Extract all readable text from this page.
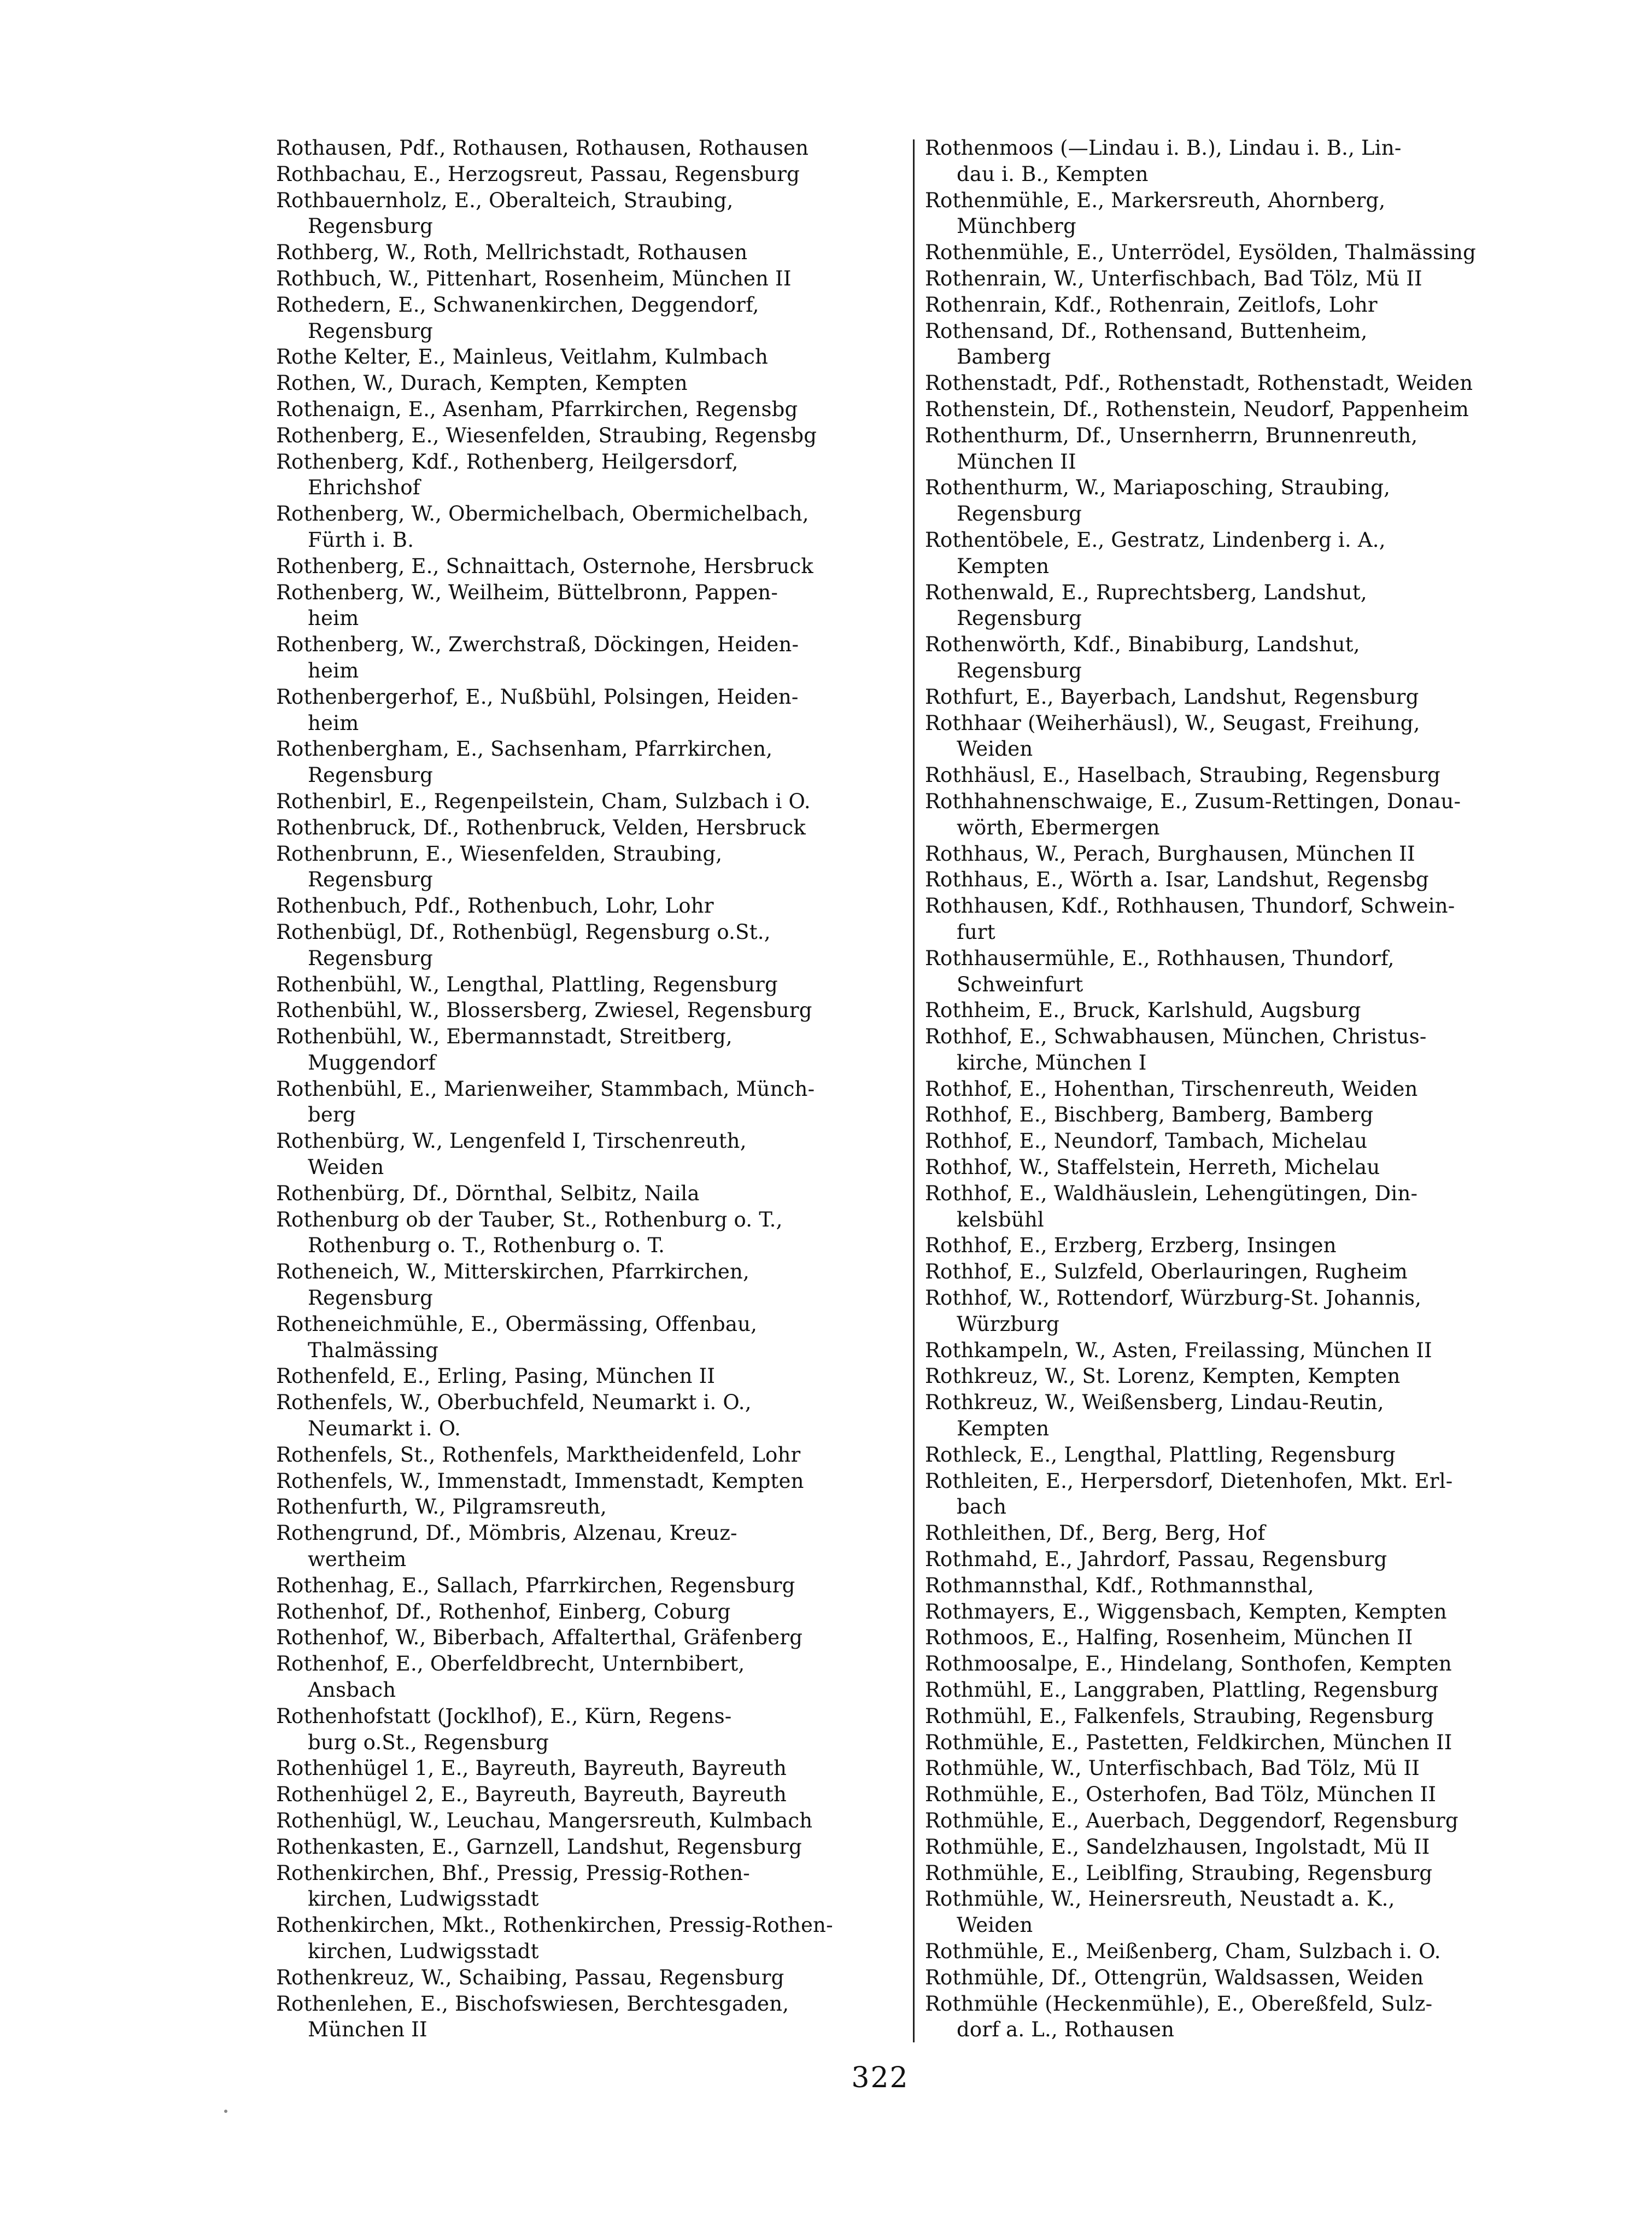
Rothausen, Pdf., Rothausen, Rothausen, Rothausen
Rothbachau, E., Herzogsreut, Passau, Regensburg
Rothbauernholz, E., Oberalteich, Straubing,
Regensburg
Rothberg, W., Roth, Mellrichstadt, Rothausen
Rothbuch, W., Pittenhart, Rosenheim, München II
Rothedern, E., Schwanenkirchen, Deggendorf,
Regensburg
Rothe Kelter, E., Mainleus, Veitlahm, Kulmbach
Rothen, W., Durach, Kempten, Kempten
Rothenaign, E., Asenham, Pfarrkirchen, Regensbg
Rothenberg, E., Wiesenfelden, Straubing, Regensbg
Rothenberg, Kdf., Rothenberg, Heilgersdorf,
Ehrichshof
Rothenberg, W., Obermichelbach, Obermichelbach,
Fürth i. B.
Rothenberg, E., Schnaittach, Osternohe, Hersbruck
Rothenberg, W., Weilheim, Büttelbronn, Pappen-
heim
Rothenberg, W., Zwerchstraß, Döckingen, Heiden-
heim
Rothenbergerhof, E., Nußbühl, Polsingen, Heiden-
heim
Rothenbergham, E., Sachsenham, Pfarrkirchen,
Regensburg
Rothenbirl, E., Regenpeilstein, Cham, Sulzbach i O.
Rothenbruck, Df., Rothenbruck, Velden, Hersbruck
Rothenbrunn, E., Wiesenfelden, Straubing,
Regensburg
Rothenbuch, Pdf., Rothenbuch, Lohr, Lohr
Rothenbügl, Df., Rothenbügl, Regensburg o.St.,
Regensburg
Rothenbühl, W., Lengthal, Plattling, Regensburg
Rothenbühl, W., Blossersberg, Zwiesel, Regensburg
Rothenbühl, W., Ebermannstadt, Streitberg,
Muggendorf
Rothenbühl, E., Marienweiher, Stammbach, Münch-
berg
Rothenbürg, W., Lengenfeld I, Tirschenreuth,
Weiden
Rothenbürg, Df., Dörnthal, Selbitz, Naila
Rothenburg ob der Tauber, St., Rothenburg o. T.,
Rothenburg o. T., Rothenburg o. T.
Rotheneich, W., Mitterskirchen, Pfarrkirchen,
Regensburg
Rotheneichmühle, E., Obermässing, Offenbau,
Thalmässing
Rothenfeld, E., Erling, Pasing, München II
Rothenfels, W., Oberbuchfeld, Neumarkt i. O.,
Neumarkt i. O.
Rothenfels, St., Rothenfels, Marktheidenfeld, Lohr
Rothenfels, W., Immenstadt, Immenstadt, Kempten
Rothenfurth, W., Pilgramsreuth,
Rothengrund, Df., Mömbris, Alzenau, Kreuz-
wertheim
Rothenhag, E., Sallach, Pfarrkirchen, Regensburg
Rothenhof, Df., Rothenhof, Einberg, Coburg
Rothenhof, W., Biberbach, Affalterthal, Gräfenberg
Rothenhof, E., Oberfeldbrecht, Unternbibert,
Ansbach
Rothenhofstatt (Jocklhof), E., Kürn, Regens-
burg o.St., Regensburg
Rothenhügel 1, E., Bayreuth, Bayreuth, Bayreuth
Rothenhügel 2, E., Bayreuth, Bayreuth, Bayreuth
Rothenhügl, W., Leuchau, Mangersreuth, Kulmbach
Rothenkasten, E., Garnzell, Landshut, Regensburg
Rothenkirchen, Bhf., Pressig, Pressig-Rothen-
kirchen, Ludwigsstadt
Rothenkirchen, Mkt., Rothenkirchen, Pressig-Rothen-
kirchen, Ludwigsstadt
Rothenkreuz, W., Schaibing, Passau, Regensburg
Rothenlehen, E., Bischofswiesen, Berchtesgaden,
München II
Rothenmoos (—Lindau i. B.), Lindau i. B., Lin-
dau i. B., Kempten
Rothenmühle, E., Markersreuth, Ahornberg,
Münchberg
Rothenmühle, E., Unterrödel, Eysölden, Thalmässing
Rothenrain, W., Unterfischbach, Bad Tölz, Mü II
Rothenrain, Kdf., Rothenrain, Zeitlofs, Lohr
Rothensand, Df., Rothensand, Buttenheim,
Bamberg
Rothenstadt, Pdf., Rothenstadt, Rothenstadt, Weiden
Rothenstein, Df., Rothenstein, Neudorf, Pappenheim
Rothenthurm, Df., Unsernherrn, Brunnenreuth,
München II
Rothenthurm, W., Mariaposching, Straubing,
Regensburg
Rothentöbele, E., Gestratz, Lindenberg i. A.,
Kempten
Rothenwald, E., Ruprechtsberg, Landshut,
Regensburg
Rothenwörth, Kdf., Binabiburg, Landshut,
Regensburg
Rothfurt, E., Bayerbach, Landshut, Regensburg
Rothhaar (Weiherhäusl), W., Seugast, Freihung,
Weiden
Rothhäusl, E., Haselbach, Straubing, Regensburg
Rothhahnenschwaige, E., Zusum-Rettingen, Donau-
wörth, Ebermergen
Rothhaus, W., Perach, Burghausen, München II
Rothhaus, E., Wörth a. Isar, Landshut, Regensbg
Rothhausen, Kdf., Rothhausen, Thundorf, Schwein-
furt
Rothhausermühle, E., Rothhausen, Thundorf,
Schweinfurt
Rothheim, E., Bruck, Karlshuld, Augsburg
Rothhof, E., Schwabhausen, München, Christus-
kirche, München I
Rothhof, E., Hohenthan, Tirschenreuth, Weiden
Rothhof, E., Bischberg, Bamberg, Bamberg
Rothhof, E., Neundorf, Tambach, Michelau
Rothhof, W., Staffelstein, Herreth, Michelau
Rothhof, E., Waldhäuslein, Lehengütingen, Din-
kelsbühl
Rothhof, E., Erzberg, Erzberg, Insingen
Rothhof, E., Sulzfeld, Oberlauringen, Rugheim
Rothhof, W., Rottendorf, Würzburg-St. Johannis,
Würzburg
Rothkampeln, W., Asten, Freilassing, München II
Rothkreuz, W., St. Lorenz, Kempten, Kempten
Rothkreuz, W., Weißensberg, Lindau-Reutin,
Kempten
Rothleck, E., Lengthal, Plattling, Regensburg
Rothleiten, E., Herpersdorf, Dietenhofen, Mkt. Erl-
bach
Rothleithen, Df., Berg, Berg, Hof
Rothmahd, E., Jahrdorf, Passau, Regensburg
Rothmannsthal, Kdf., Rothmannsthal,
Rothmayers, E., Wiggensbach, Kempten, Kempten
Rothmoos, E., Halfing, Rosenheim, München II
Rothmoosalpe, E., Hindelang, Sonthofen, Kempten
Rothmühl, E., Langgraben, Plattling, Regensburg
Rothmühl, E., Falkenfels, Straubing, Regensburg
Rothmühle, E., Pastetten, Feldkirchen, München II
Rothmühle, W., Unterfischbach, Bad Tölz, Mü II
Rothmühle, E., Osterhofen, Bad Tölz, München II
Rothmühle, E., Auerbach, Deggendorf, Regensburg
Rothmühle, E., Sandelzhausen, Ingolstadt, Mü II
Rothmühle, E., Leiblfing, Straubing, Regensburg
Rothmühle, W., Heinersreuth, Neustadt a. K.,
Weiden
Rothmühle, E., Meißenberg, Cham, Sulzbach i. O.
Rothmühle, Df., Ottengrün, Waldsassen, Weiden
Rothmühle (Heckenmühle), E., Obereßfeld, Sulz-
dorf a. L., Rothausen
322
